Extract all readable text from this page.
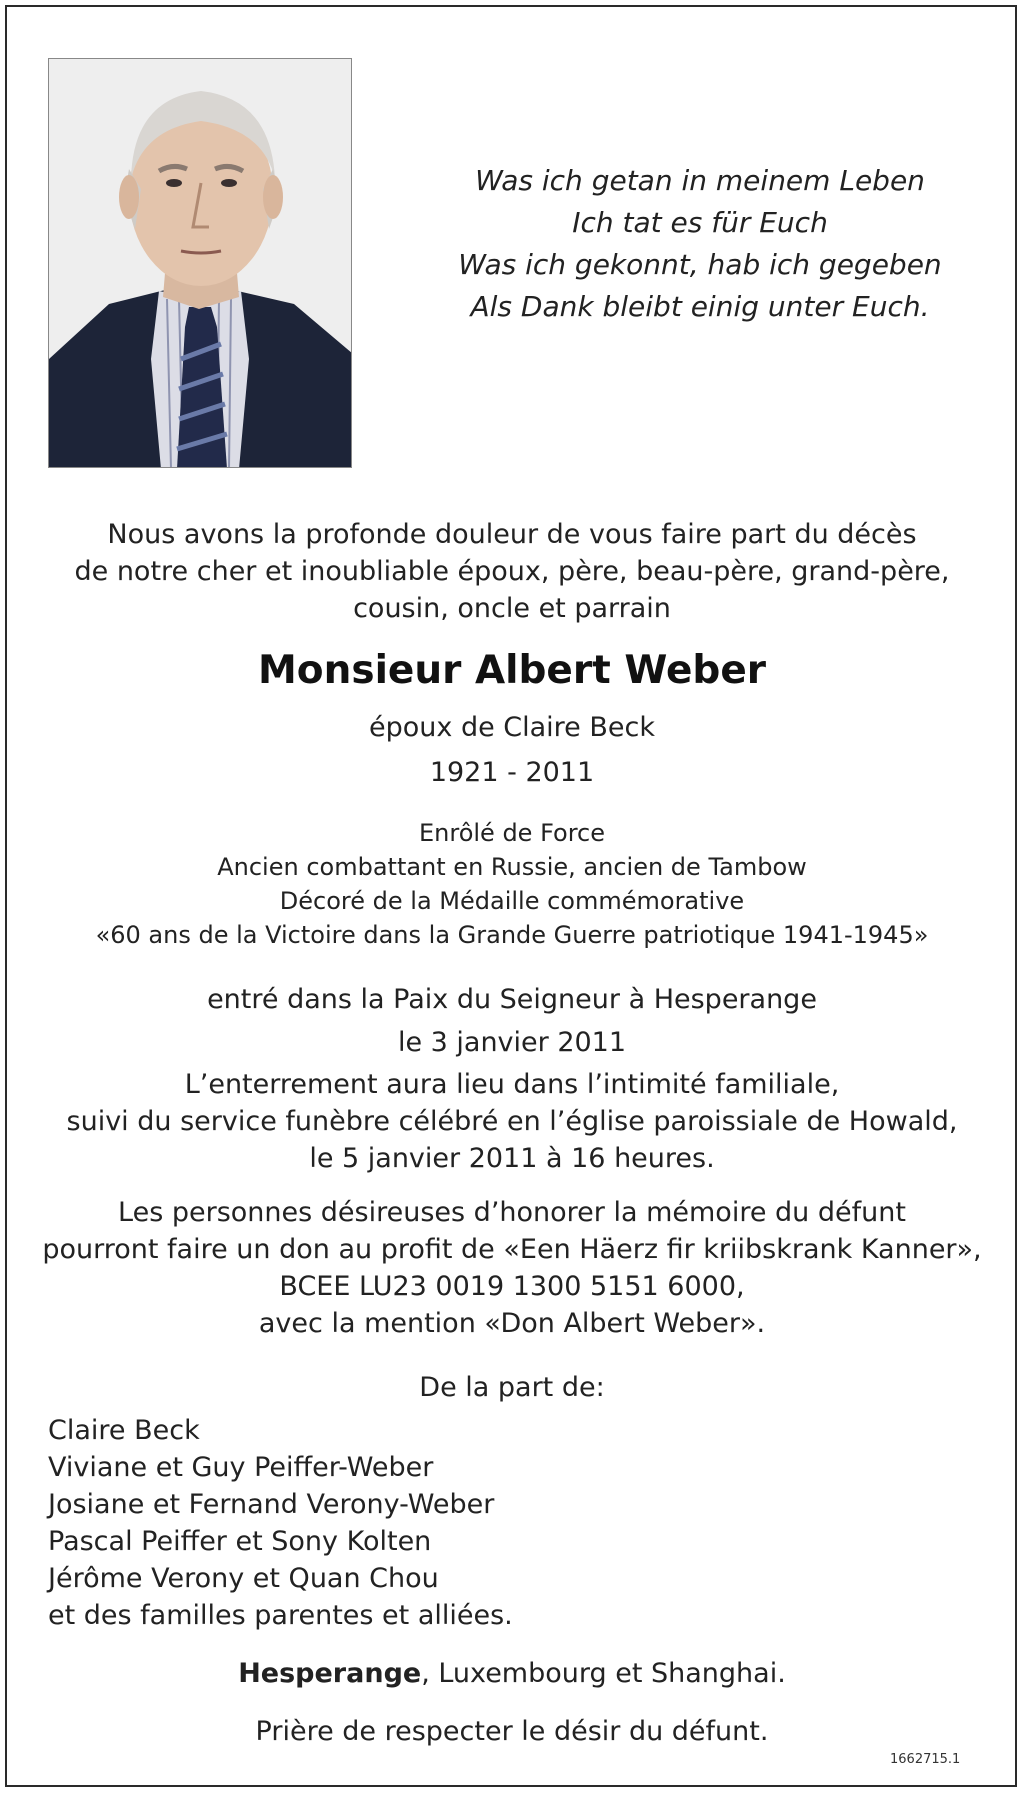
Was ich getan in meinem Leben
Ich tat es für Euch
Was ich gekonnt, hab ich gegeben
Als Dank bleibt einig unter Euch.
Nous avons la profonde douleur de vous faire part du décès
de notre cher et inoubliable époux, père, beau-père, grand-père,
cousin, oncle et parrain
Monsieur Albert Weber
époux de Claire Beck
1921 - 2011
Enrôlé de Force
Ancien combattant en Russie, ancien de Tambow
Décoré de la Médaille commémorative
«60 ans de la Victoire dans la Grande Guerre patriotique 1941-1945»
entré dans la Paix du Seigneur à Hesperange
le 3 janvier 2011
L’enterrement aura lieu dans l’intimité familiale,
suivi du service funèbre célébré en l’église paroissiale de Howald,
le 5 janvier 2011 à 16 heures.
Les personnes désireuses d’honorer la mémoire du défunt
pourront faire un don au profit de «Een Häerz fir kriibskrank Kanner»,
BCEE LU23 0019 1300 5151 6000,
avec la mention «Don Albert Weber».
De la part de:
Claire Beck
Viviane et Guy Peiffer-Weber
Josiane et Fernand Verony-Weber
Pascal Peiffer et Sony Kolten
Jérôme Verony et Quan Chou
et des familles parentes et alliées.
Hesperange, Luxembourg et Shanghai.
Prière de respecter le désir du défunt.
1662715.1
